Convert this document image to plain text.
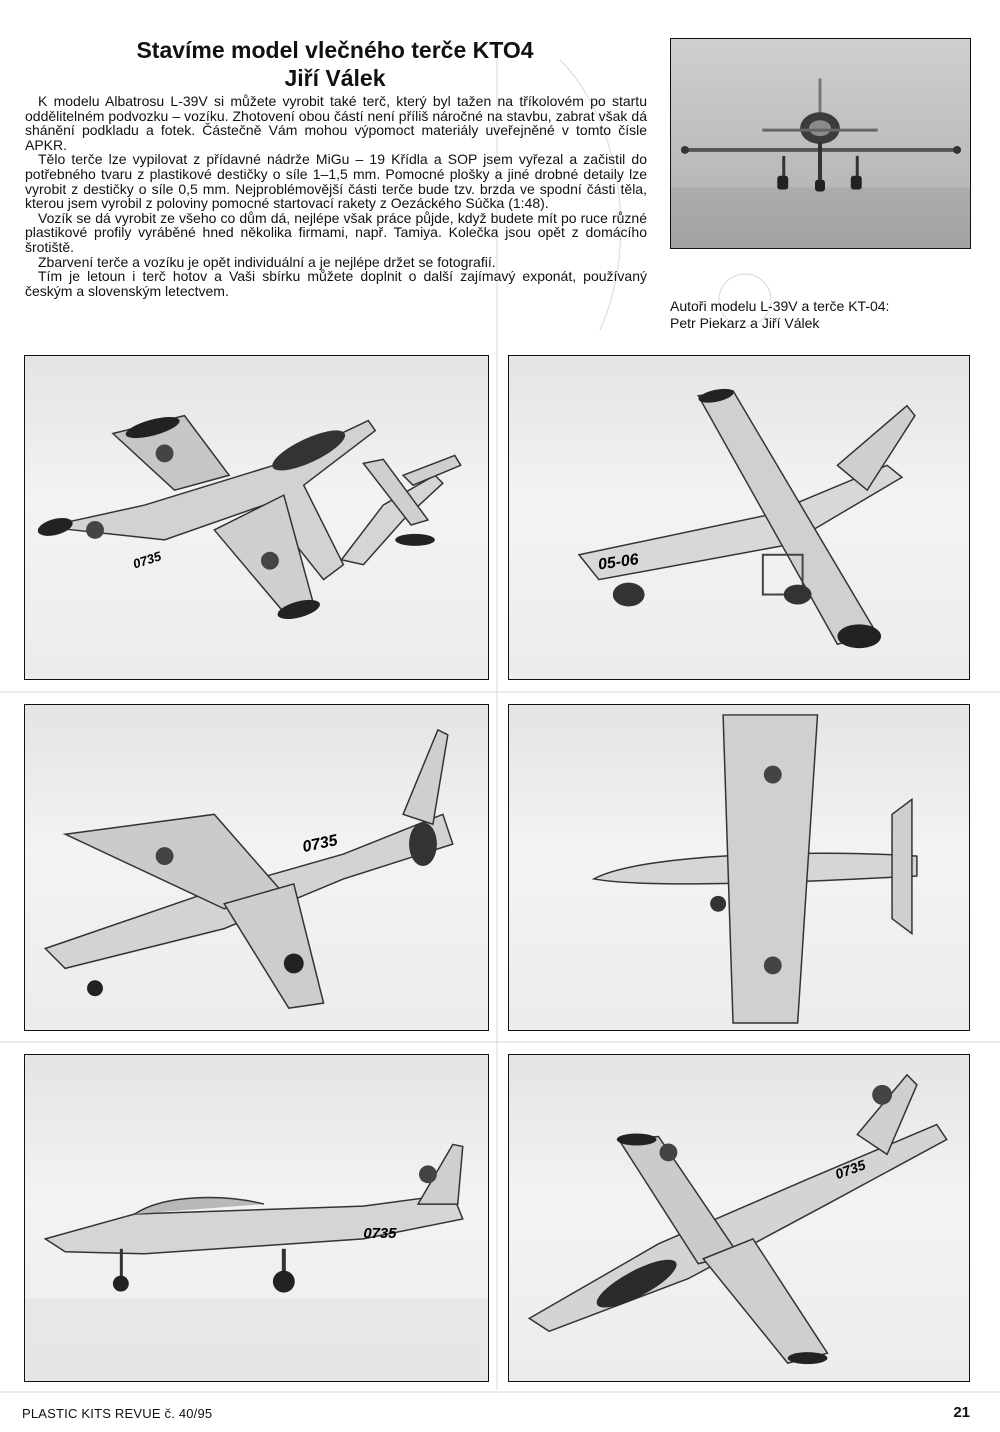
Stavíme model vlečného terče KTO4
Jiří Válek

K modelu Albatrosu L-39V si můžete vyrobit také terč, který byl tažen na tříkolovém po startu oddělitelném podvozku – vozíku. Zhotovení obou částí není příliš náročné na stavbu, zabrat však dá shánění podkladu a fotek. Částečně Vám mohou výpomoct materiály uveřejněné v tomto čísle APKR.

Tělo terče lze vypilovat z přídavné nádrže MiGu – 19 Křídla a SOP jsem vyřezal a začistil do potřebného tvaru z plastikové destičky o síle 1–1,5 mm. Pomocné plošky a jiné drobné detaily lze vyrobit z destičky o síle 0,5 mm. Nejproblémovější části terče bude tzv. brzda ve spodní části těla, kterou jsem vyrobil z poloviny pomocné startovací rakety z Oezáckého Súčka (1:48).

Vozík se dá vyrobit ze všeho co dům dá, nejlépe však práce půjde, když budete mít po ruce různé plastikové profily vyráběné hned několika firmami, např. Tamiya. Kolečka jsou opět z domácího šrotiště.

Zbarvení terče a vozíku je opět individuální a je nejlépe držet se fotografií.

Tím je letoun i terč hotov a Vaši sbírku můžete doplnit o další zajímavý exponát, používaný českým a slovenským letectvem.

Autoři modelu L-39V a terče KT-04:
Petr Piekarz a Jiří Válek

0735	05-06
0735
0735
0735
PLASTIC KITS REVUE č. 40/95	21
